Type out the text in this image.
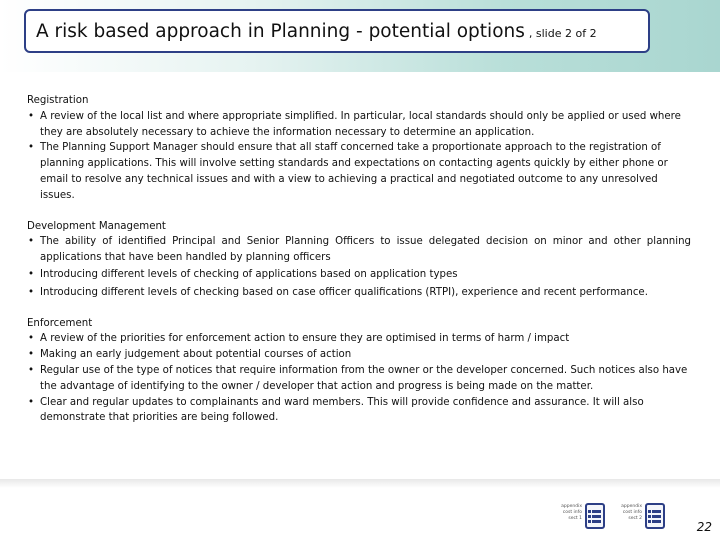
A risk based approach in Planning - potential options , slide 2 of 2
Registration
• A review of the local list and where appropriate simplified. In particular, local standards should only be applied or used where they are absolutely necessary to achieve the information necessary to determine an application.
• The Planning Support Manager should ensure that all staff concerned take a proportionate approach to the registration of planning applications. This will involve setting standards and expectations on contacting agents quickly by either phone or email to resolve any technical issues and with a view to achieving a practical and negotiated outcome to any unresolved issues.
Development Management
• The ability of identified Principal and Senior Planning Officers to issue delegated decision on minor and other planning applications that have been handled by planning officers
• Introducing different levels of checking of applications based on application types
• Introducing different levels of checking based on case officer qualifications (RTPI), experience and recent performance.
Enforcement
• A review of the priorities for enforcement action to ensure they are optimised in terms of harm / impact
• Making an early judgement about potential courses of action
• Regular use of the type of notices that require information from the owner or the developer concerned. Such notices also have the advantage of identifying to the owner / developer that action and progress is being made on the matter.
• Clear and regular updates to complainants and ward members. This will provide confidence and assurance. It will also demonstrate that priorities are being followed.
appendix
cost info
sect 1
appendix
cost info
sect 2
22
